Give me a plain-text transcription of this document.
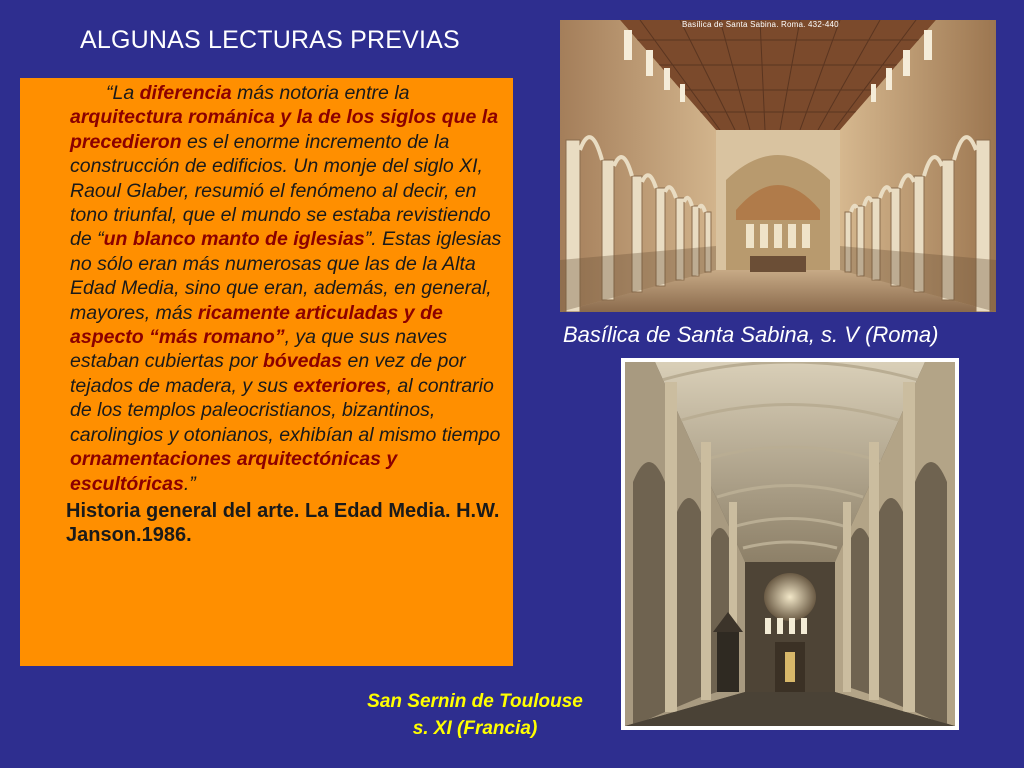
ALGUNAS LECTURAS PREVIAS

“La diferencia más notoria entre la arquitectura románica y la de los siglos que la precedieron es el enorme incremento de la construcción de edificios. Un monje del siglo XI, Raoul Glaber, resumió el fenómeno al decir, en tono triunfal, que el mundo se estaba revistiendo de “un blanco manto de iglesias”. Estas iglesias no sólo eran más numerosas que las de la Alta Edad Media, sino que eran, además, en general, mayores, más ricamente articuladas y de aspecto “más romano”, ya que sus naves estaban cubiertas por bóvedas en vez de por tejados de madera, y sus exteriores, al contrario de los templos paleocristianos, bizantinos, carolingios y otonianos, exhibían al mismo tiempo ornamentaciones arquitectónicas y escultóricas.”

Historia general del arte. La Edad Media. H.W. Janson.1986.

Basílica de Santa Sabina. Roma. 432-440

Basílica de Santa Sabina, s. V (Roma)

San Sernin de Toulouse
s. XI (Francia)
